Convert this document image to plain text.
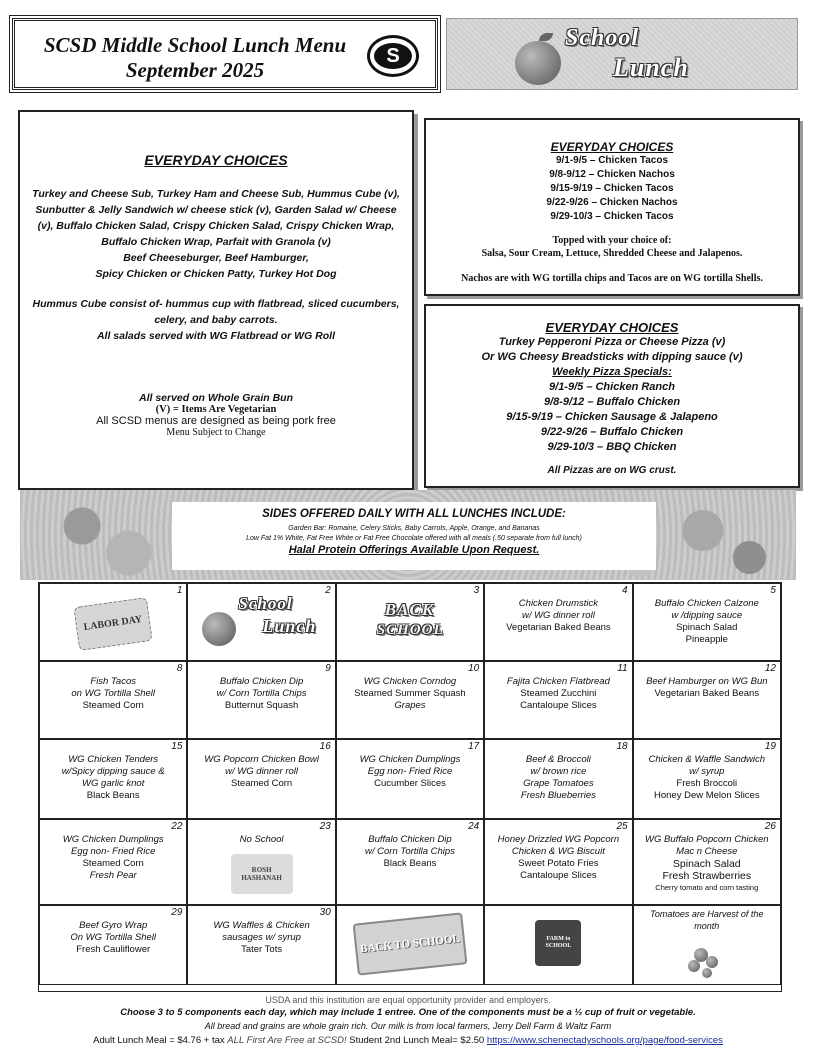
SCSD Middle School Lunch Menu
September 2025
S
School
Lunch
EVERYDAY CHOICES
Turkey and Cheese Sub, Turkey Ham and Cheese Sub, Hummus Cube (v),
Sunbutter & Jelly Sandwich w/ cheese stick (v), Garden Salad w/ Cheese
(v), Buffalo Chicken Salad, Crispy Chicken Salad, Crispy Chicken Wrap,
Buffalo Chicken Wrap, Parfait with Granola (v)
Beef Cheeseburger, Beef Hamburger,
Spicy Chicken or Chicken Patty, Turkey Hot Dog
Hummus Cube consist of- hummus cup with flatbread, sliced cucumbers,
celery, and baby carrots.
All salads served with WG Flatbread or WG Roll
All served on Whole Grain Bun
(V) = Items Are Vegetarian
All SCSD menus are designed as being pork free
Menu Subject to Change
EVERYDAY CHOICES
9/1-9/5 – Chicken Tacos
9/8-9/12 – Chicken Nachos
9/15-9/19 – Chicken Tacos
9/22-9/26 – Chicken Nachos
9/29-10/3 – Chicken Tacos
Topped with your choice of:
Salsa, Sour Cream, Lettuce, Shredded Cheese and Jalapenos.
Nachos are with WG tortilla chips and Tacos are on WG tortilla Shells.
EVERYDAY CHOICES
Turkey Pepperoni Pizza or Cheese Pizza (v)
Or WG Cheesy Breadsticks with dipping sauce (v)
Weekly Pizza Specials:
9/1-9/5 – Chicken Ranch
9/8-9/12 – Buffalo Chicken
9/15-9/19 – Chicken Sausage & Jalapeno
9/22-9/26 – Buffalo Chicken
9/29-10/3 – BBQ Chicken
All Pizzas are on WG crust.
SIDES OFFERED DAILY WITH ALL LUNCHES INCLUDE:
Garden Bar: Romaine, Celery Sticks, Baby Carrots, Apple, Orange, and Bananas
Low Fat 1% White, Fat Free White or Fat Free Chocolate offered with all meals (.50 separate from full lunch)
Halal Protein Offerings Available Upon Request.
1
LABOR DAY
2
School
Lunch
3
BACK
SCHOOL
4
Chicken Drumstick
w/ WG dinner roll
Vegetarian Baked Beans
5
Buffalo Chicken Calzone
w /dipping sauce
Spinach Salad
Pineapple
8
Fish Tacos
on WG Tortilla Shell
Steamed Corn
9
Buffalo Chicken Dip
w/ Corn Tortilla Chips
Butternut Squash
10
WG Chicken Corndog
Steamed Summer Squash
Grapes
11
Fajita Chicken Flatbread
Steamed Zucchini
Cantaloupe Slices
12
Beef Hamburger on WG Bun
Vegetarian Baked Beans
15
WG Chicken Tenders
w/Spicy dipping sauce &
WG garlic knot
Black Beans
16
WG Popcorn Chicken Bowl
w/ WG dinner roll
Steamed Corn
17
WG Chicken Dumplings
Egg non- Fried Rice
Cucumber Slices
18
Beef & Broccoli
w/ brown rice
Grape Tomatoes
Fresh Blueberries
19
Chicken & Waffle Sandwich
w/ syrup
Fresh Broccoli
Honey Dew Melon Slices
22
WG Chicken Dumplings
Egg non- Fried Rice
Steamed Corn
Fresh Pear
23
No School
ROSH HASHANAH
24
Buffalo Chicken Dip
w/ Corn Tortilla Chips
Black Beans
25
Honey Drizzled WG Popcorn
Chicken & WG Biscuit
Sweet Potato Fries
Cantaloupe Slices
26
WG Buffalo Popcorn Chicken
Mac n Cheese
Spinach Salad
Fresh Strawberries
Cherry tomato and corn tasting
29
Beef Gyro Wrap
On WG Tortilla Shell
Fresh Cauliflower
30
WG Waffles & Chicken
sausages w/ syrup
Tater Tots	BACK TO SCHOOL	FARM to SCHOOL
Tomatoes are Harvest of the month
USDA and this institution are equal opportunity provider and employers.
Choose 3 to 5 components each day, which may include 1 entree. One of the components must be a ½ cup of fruit or vegetable.
All bread and grains are whole grain rich. Our milk is from local farmers, Jerry Dell Farm & Waltz Farm
Adult Lunch Meal = $4.76 + tax ALL First Are Free at SCSD! Student 2nd Lunch Meal= $2.50 https://www.schenectadyschools.org/page/food-services
